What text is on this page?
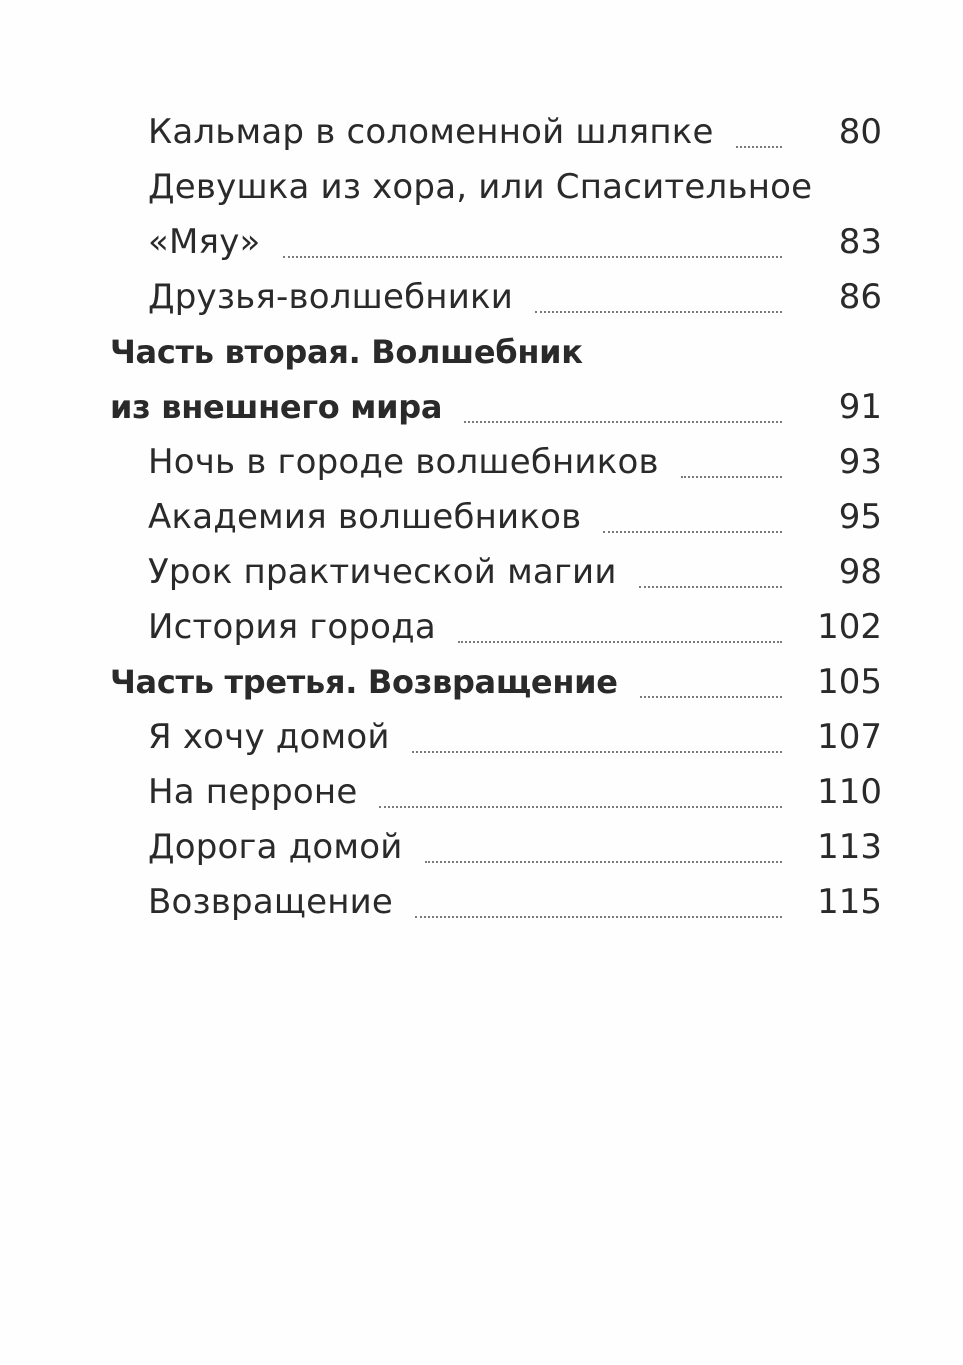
Кальмар в соломенной шляпке	80
Девушка из хора, или Спасительное
«Мяу»	83
Друзья-волшебники	86
Часть вторая. Волшебник
из внешнего мира	91
Ночь в городе волшебников	93
Академия волшебников	95
Урок практической магии	98
История города	102
Часть третья. Возвращение	105
Я хочу домой	107
На перроне	110
Дорога домой	113
Возвращение	115
